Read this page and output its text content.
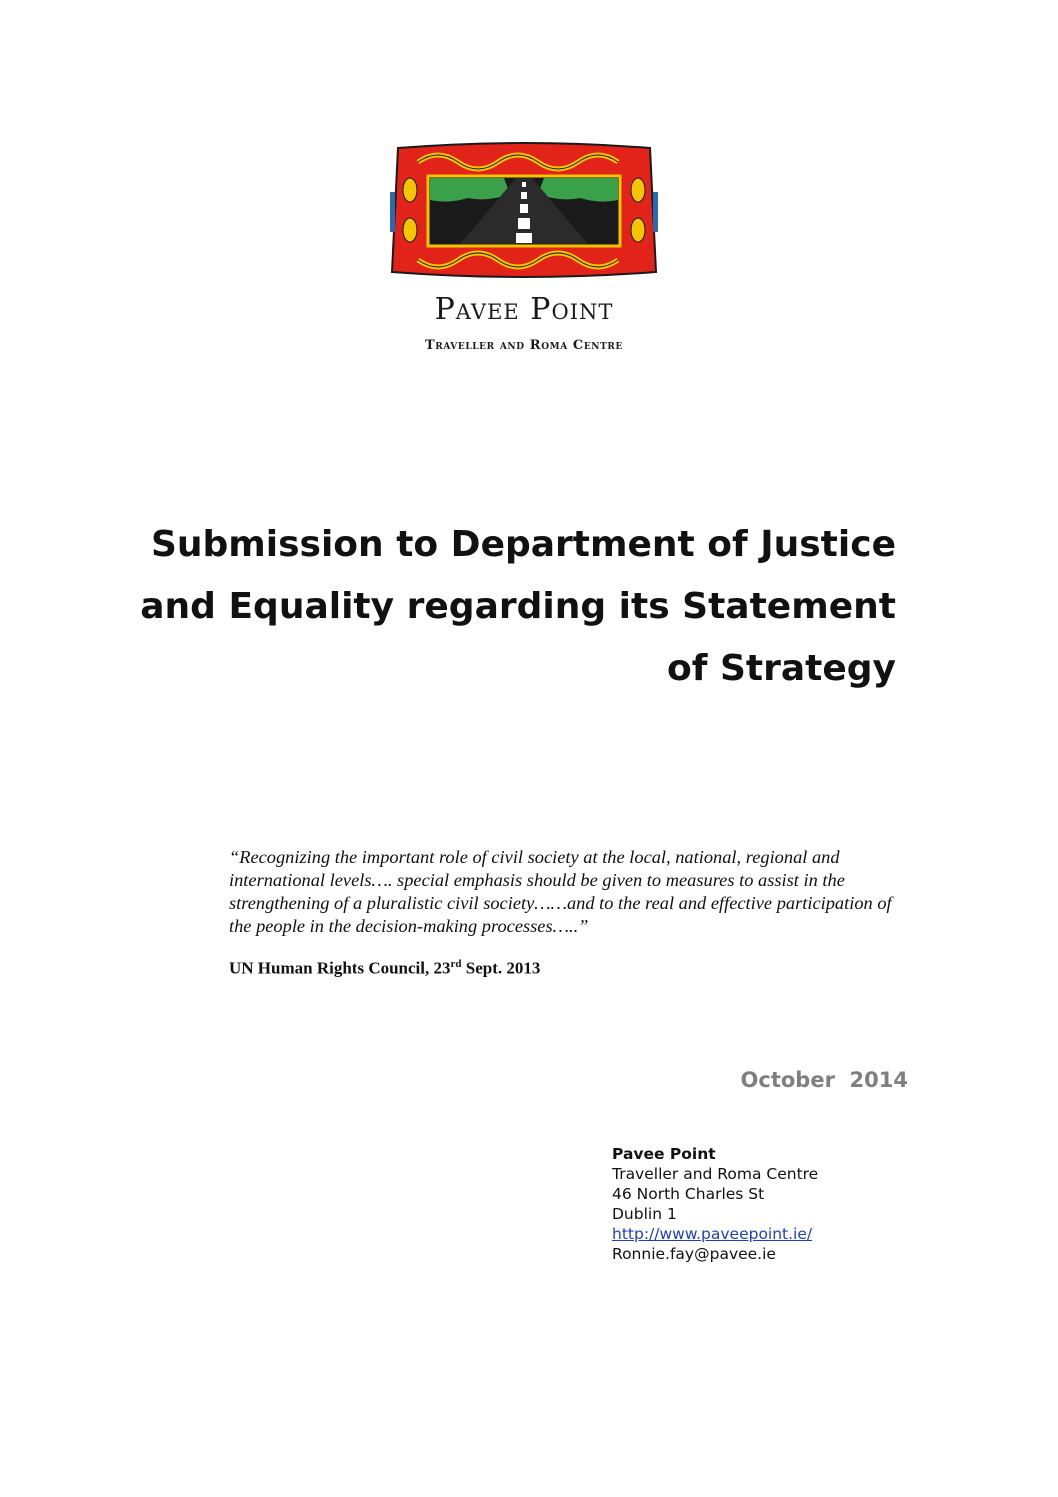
Pavee Point
Traveller and Roma Centre
Submission to Department of Justice
and Equality regarding its Statement
of Strategy
“Recognizing the important role of civil society at the local, national, regional and
international levels…. special emphasis should be given to measures to assist in the
strengthening of a pluralistic civil society……and to the real and effective participation of
the people in the decision-making processes…..”
UN Human Rights Council, 23rd Sept. 2013
October  2014
Pavee Point
Traveller and Roma Centre
46 North Charles St
Dublin 1
http://www.paveepoint.ie/
Ronnie.fay@pavee.ie
